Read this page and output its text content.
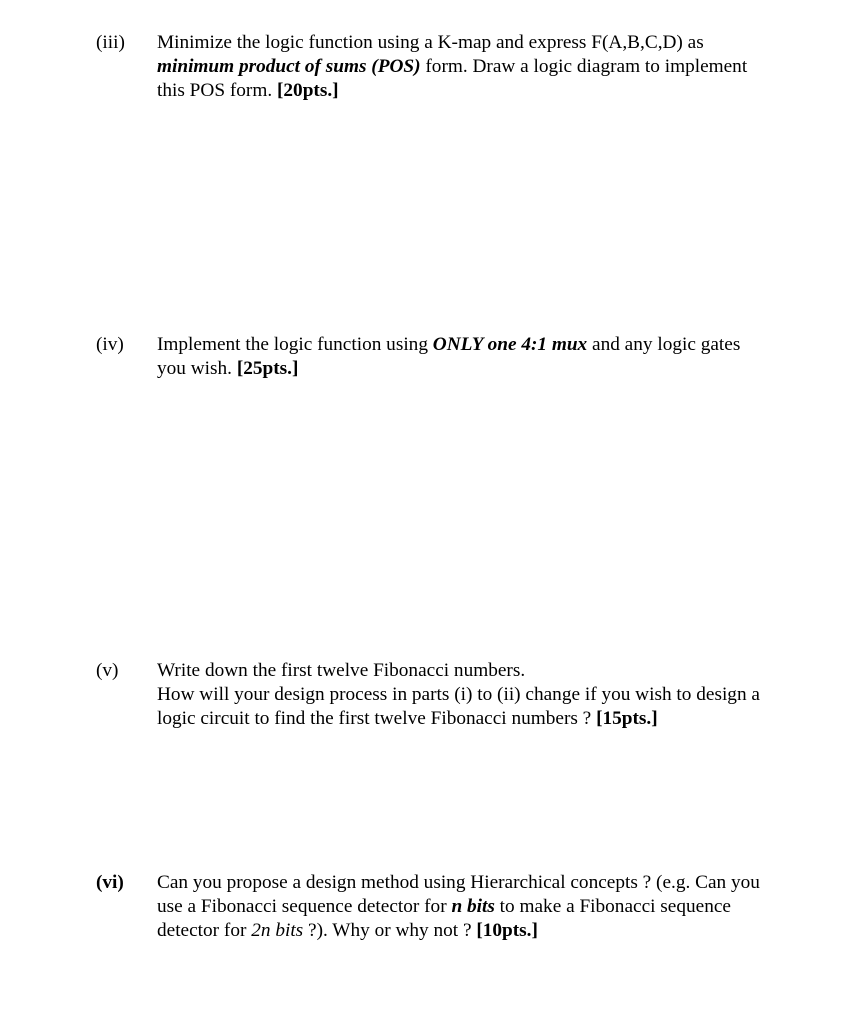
(iii) Minimize the logic function using a K-map and express F(A,B,C,D) as
minimum product of sums (POS) form. Draw a logic diagram to implement
this POS form. [20pts.]
(iv) Implement the logic function using ONLY one 4:1 mux and any logic gates
you wish. [25pts.]
(v) Write down the first twelve Fibonacci numbers.
How will your design process in parts (i) to (ii) change if you wish to design a
logic circuit to find the first twelve Fibonacci numbers ? [15pts.]
(vi) Can you propose a design method using Hierarchical concepts ? (e.g. Can you
use a Fibonacci sequence detector for n bits to make a Fibonacci sequence
detector for 2n bits ?). Why or why not ? [10pts.]
